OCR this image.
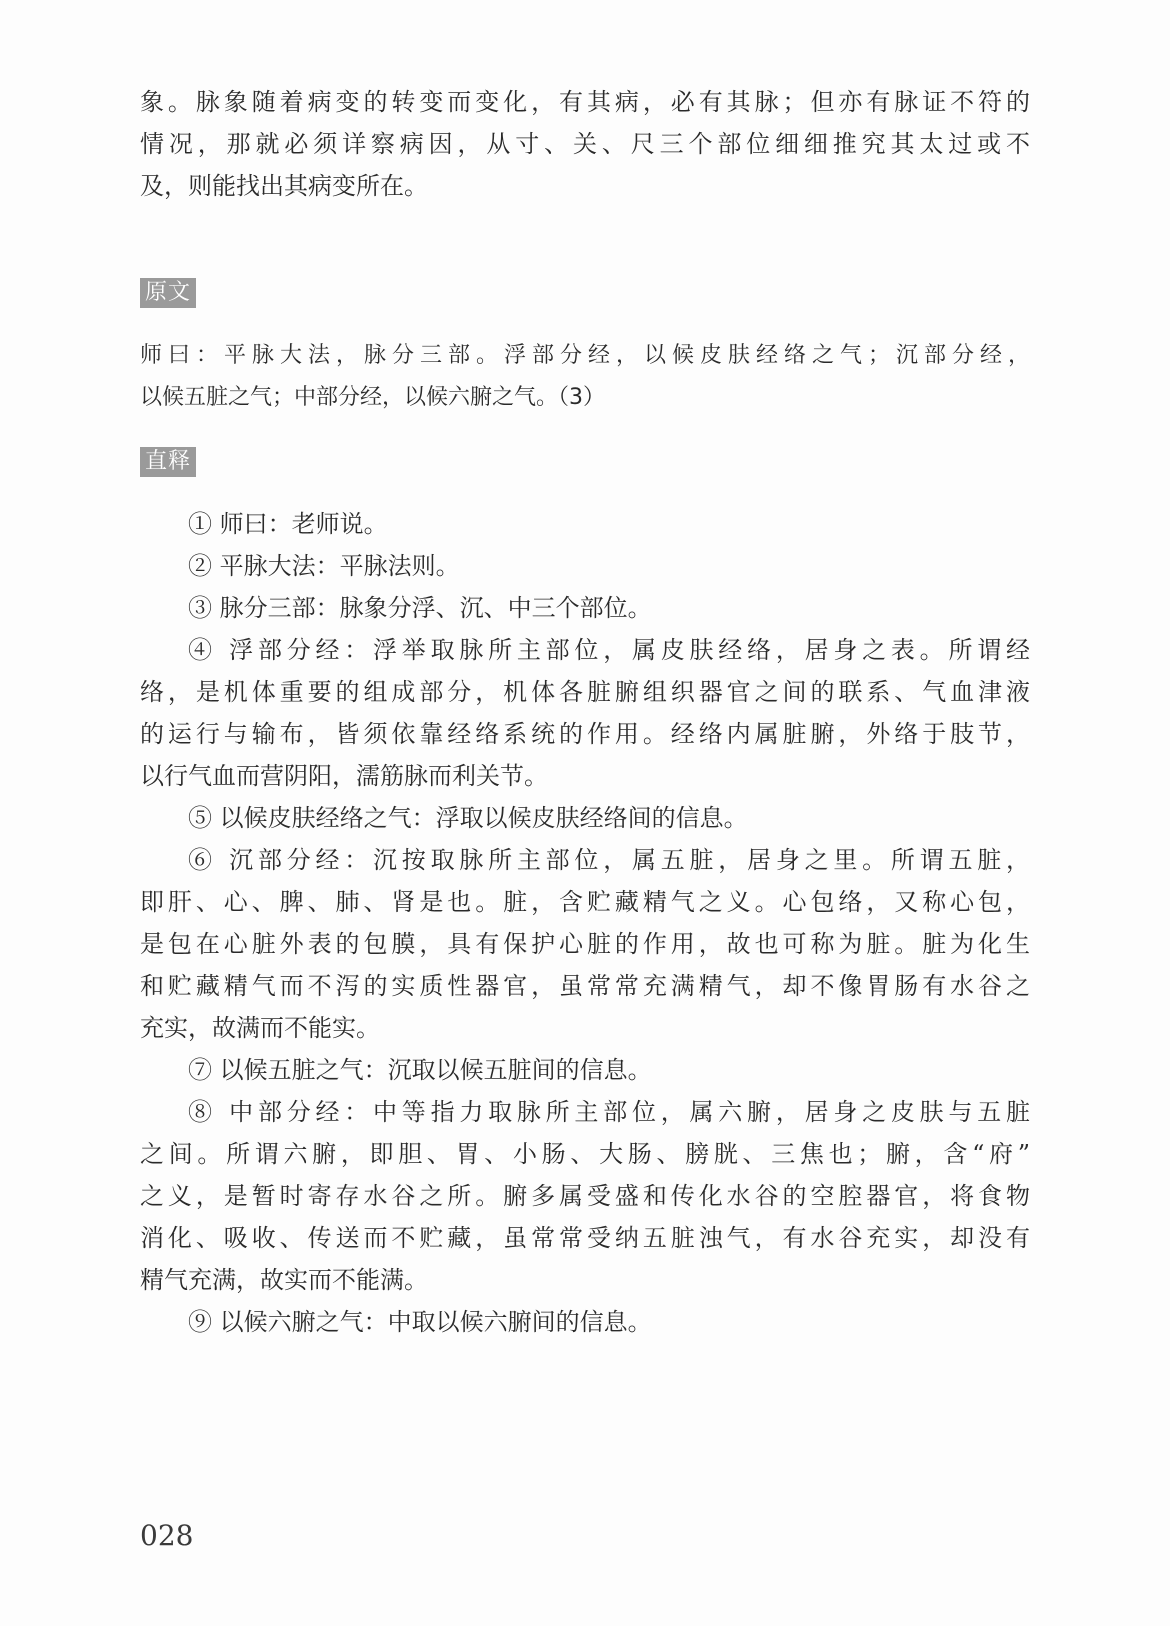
象。脉象随着病变的转变而变化，有其病，必有其脉；但亦有脉证不符的
情况，那就必须详察病因，从寸、关、尺三个部位细细推究其太过或不
及，则能找出其病变所在。
原文
师曰：平脉大法，脉分三部。浮部分经，以候皮肤经络之气；沉部分经，
以候五脏之气；中部分经，以候六腑之气。（3）
直释
① 师曰：老师说。
② 平脉大法：平脉法则。
③ 脉分三部：脉象分浮、沉、中三个部位。
④ 浮部分经：浮举取脉所主部位，属皮肤经络，居身之表。所谓经
络，是机体重要的组成部分，机体各脏腑组织器官之间的联系、气血津液
的运行与输布，皆须依靠经络系统的作用。经络内属脏腑，外络于肢节，
以行气血而营阴阳，濡筋脉而利关节。
⑤ 以候皮肤经络之气：浮取以候皮肤经络间的信息。
⑥ 沉部分经：沉按取脉所主部位，属五脏，居身之里。所谓五脏，
即肝、心、脾、肺、肾是也。脏，含贮藏精气之义。心包络，又称心包，
是包在心脏外表的包膜，具有保护心脏的作用，故也可称为脏。脏为化生
和贮藏精气而不泻的实质性器官，虽常常充满精气，却不像胃肠有水谷之
充实，故满而不能实。
⑦ 以候五脏之气：沉取以候五脏间的信息。
⑧ 中部分经：中等指力取脉所主部位，属六腑，居身之皮肤与五脏
之间。所谓六腑，即胆、胃、小肠、大肠、膀胱、三焦也；腑，含“府”
之义，是暂时寄存水谷之所。腑多属受盛和传化水谷的空腔器官，将食物
消化、吸收、传送而不贮藏，虽常常受纳五脏浊气，有水谷充实，却没有
精气充满，故实而不能满。
⑨ 以候六腑之气：中取以候六腑间的信息。
028
